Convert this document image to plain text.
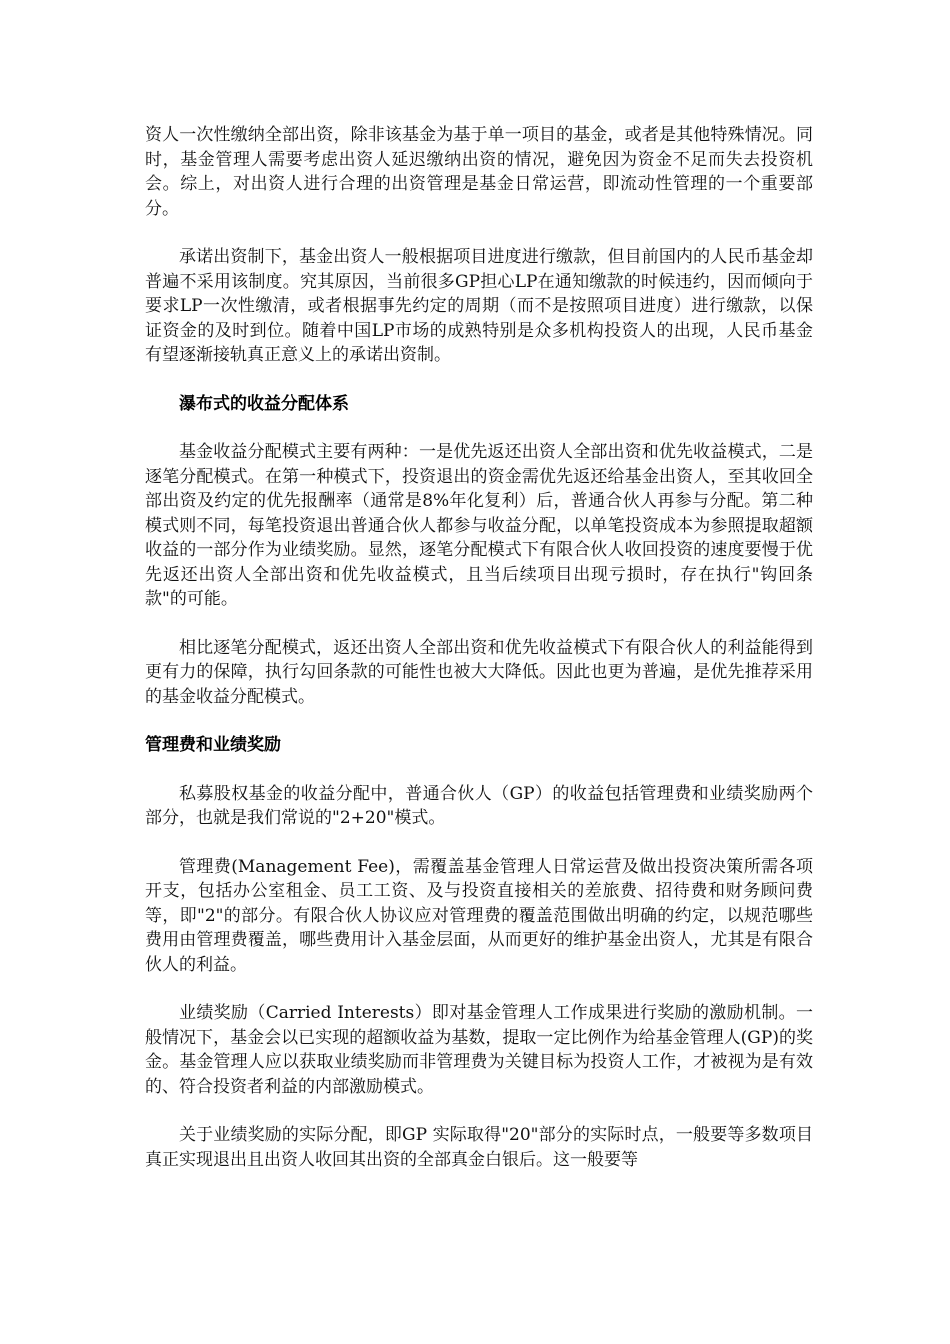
资人一次性缴纳全部出资，除非该基金为基于单一项目的基金，或者是其他特殊情况。同时，基金管理人需要考虑出资人延迟缴纳出资的情况，避免因为资金不足而失去投资机会。综上，对出资人进行合理的出资管理是基金日常运营，即流动性管理的一个重要部分。

承诺出资制下，基金出资人一般根据项目进度进行缴款，但目前国内的人民币基金却普遍不采用该制度。究其原因，当前很多GP担心LP在通知缴款的时候违约，因而倾向于要求LP一次性缴清，或者根据事先约定的周期（而不是按照项目进度）进行缴款，以保证资金的及时到位。随着中国LP市场的成熟特别是众多机构投资人的出现，人民币基金有望逐渐接轨真正意义上的承诺出资制。

瀑布式的收益分配体系

基金收益分配模式主要有两种：一是优先返还出资人全部出资和优先收益模式，二是逐笔分配模式。在第一种模式下，投资退出的资金需优先返还给基金出资人，至其收回全部出资及约定的优先报酬率（通常是8%年化复利）后，普通合伙人再参与分配。第二种模式则不同，每笔投资退出普通合伙人都参与收益分配，以单笔投资成本为参照提取超额收益的一部分作为业绩奖励。显然，逐笔分配模式下有限合伙人收回投资的速度要慢于优先返还出资人全部出资和优先收益模式，且当后续项目出现亏损时，存在执行"钩回条款"的可能。

相比逐笔分配模式，返还出资人全部出资和优先收益模式下有限合伙人的利益能得到更有力的保障，执行勾回条款的可能性也被大大降低。因此也更为普遍，是优先推荐采用的基金收益分配模式。

管理费和业绩奖励

私募股权基金的收益分配中，普通合伙人（GP）的收益包括管理费和业绩奖励两个部分，也就是我们常说的"2+20"模式。

管理费(Management Fee)，需覆盖基金管理人日常运营及做出投资决策所需各项开支，包括办公室租金、员工工资、及与投资直接相关的差旅费、招待费和财务顾问费等，即"2"的部分。有限合伙人协议应对管理费的覆盖范围做出明确的约定，以规范哪些费用由管理费覆盖，哪些费用计入基金层面，从而更好的维护基金出资人，尤其是有限合伙人的利益。

业绩奖励（Carried Interests）即对基金管理人工作成果进行奖励的激励机制。一般情况下，基金会以已实现的超额收益为基数，提取一定比例作为给基金管理人(GP)的奖金。基金管理人应以获取业绩奖励而非管理费为关键目标为投资人工作，才被视为是有效的、符合投资者利益的内部激励模式。

关于业绩奖励的实际分配，即GP 实际取得"20"部分的实际时点，一般要等多数项目真正实现退出且出资人收回其出资的全部真金白银后。这一般要等
